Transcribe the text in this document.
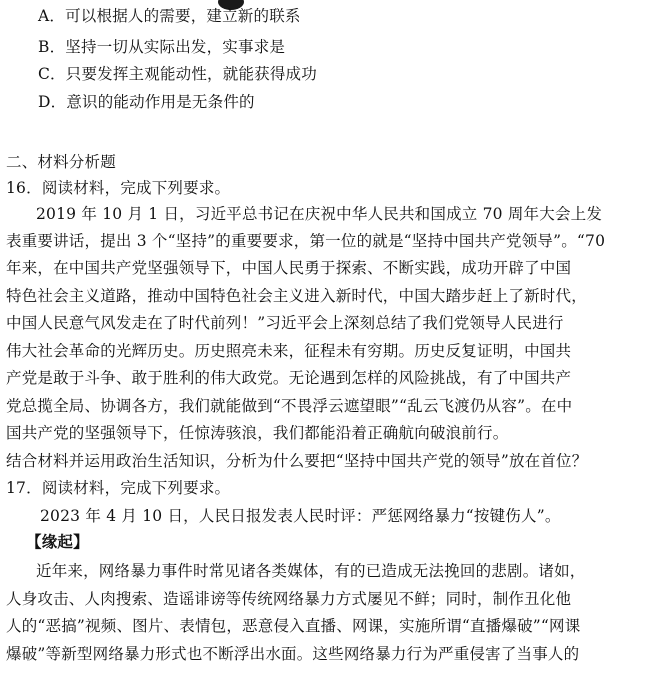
A．可以根据人的需要，建立新的联系
B．坚持一切从实际出发，实事求是
C．只要发挥主观能动性，就能获得成功
D．意识的能动作用是无条件的
二、材料分析题
16．阅读材料，完成下列要求。
2019 年 10 月 1 日，习近平总书记在庆祝中华人民共和国成立 70 周年大会上发
表重要讲话，提出 3 个“坚持”的重要要求，第一位的就是“坚持中国共产党领导”。“70
年来，在中国共产党坚强领导下，中国人民勇于探索、不断实践，成功开辟了中国
特色社会主义道路，推动中国特色社会主义进入新时代，中国大踏步赶上了新时代，
中国人民意气风发走在了时代前列！”习近平会上深刻总结了我们党领导人民进行
伟大社会革命的光辉历史。历史照亮未来，征程未有穷期。历史反复证明，中国共
产党是敢于斗争、敢于胜利的伟大政党。无论遇到怎样的风险挑战，有了中国共产
党总揽全局、协调各方，我们就能做到“不畏浮云遮望眼”“乱云飞渡仍从容”。在中
国共产党的坚强领导下，任惊涛骇浪，我们都能沿着正确航向破浪前行。
结合材料并运用政治生活知识，分析为什么要把“坚持中国共产党的领导”放在首位？
17．阅读材料，完成下列要求。
2023 年 4 月 10 日，人民日报发表人民时评：严惩网络暴力“按键伤人”。
【缘起】
近年来，网络暴力事件时常见诸各类媒体，有的已造成无法挽回的悲剧。诸如，
人身攻击、人肉搜索、造谣诽谤等传统网络暴力方式屡见不鲜；同时，制作丑化他
人的“恶搞”视频、图片、表情包，恶意侵入直播、网课，实施所谓“直播爆破”“网课
爆破”等新型网络暴力形式也不断浮出水面。这些网络暴力行为严重侵害了当事人的
